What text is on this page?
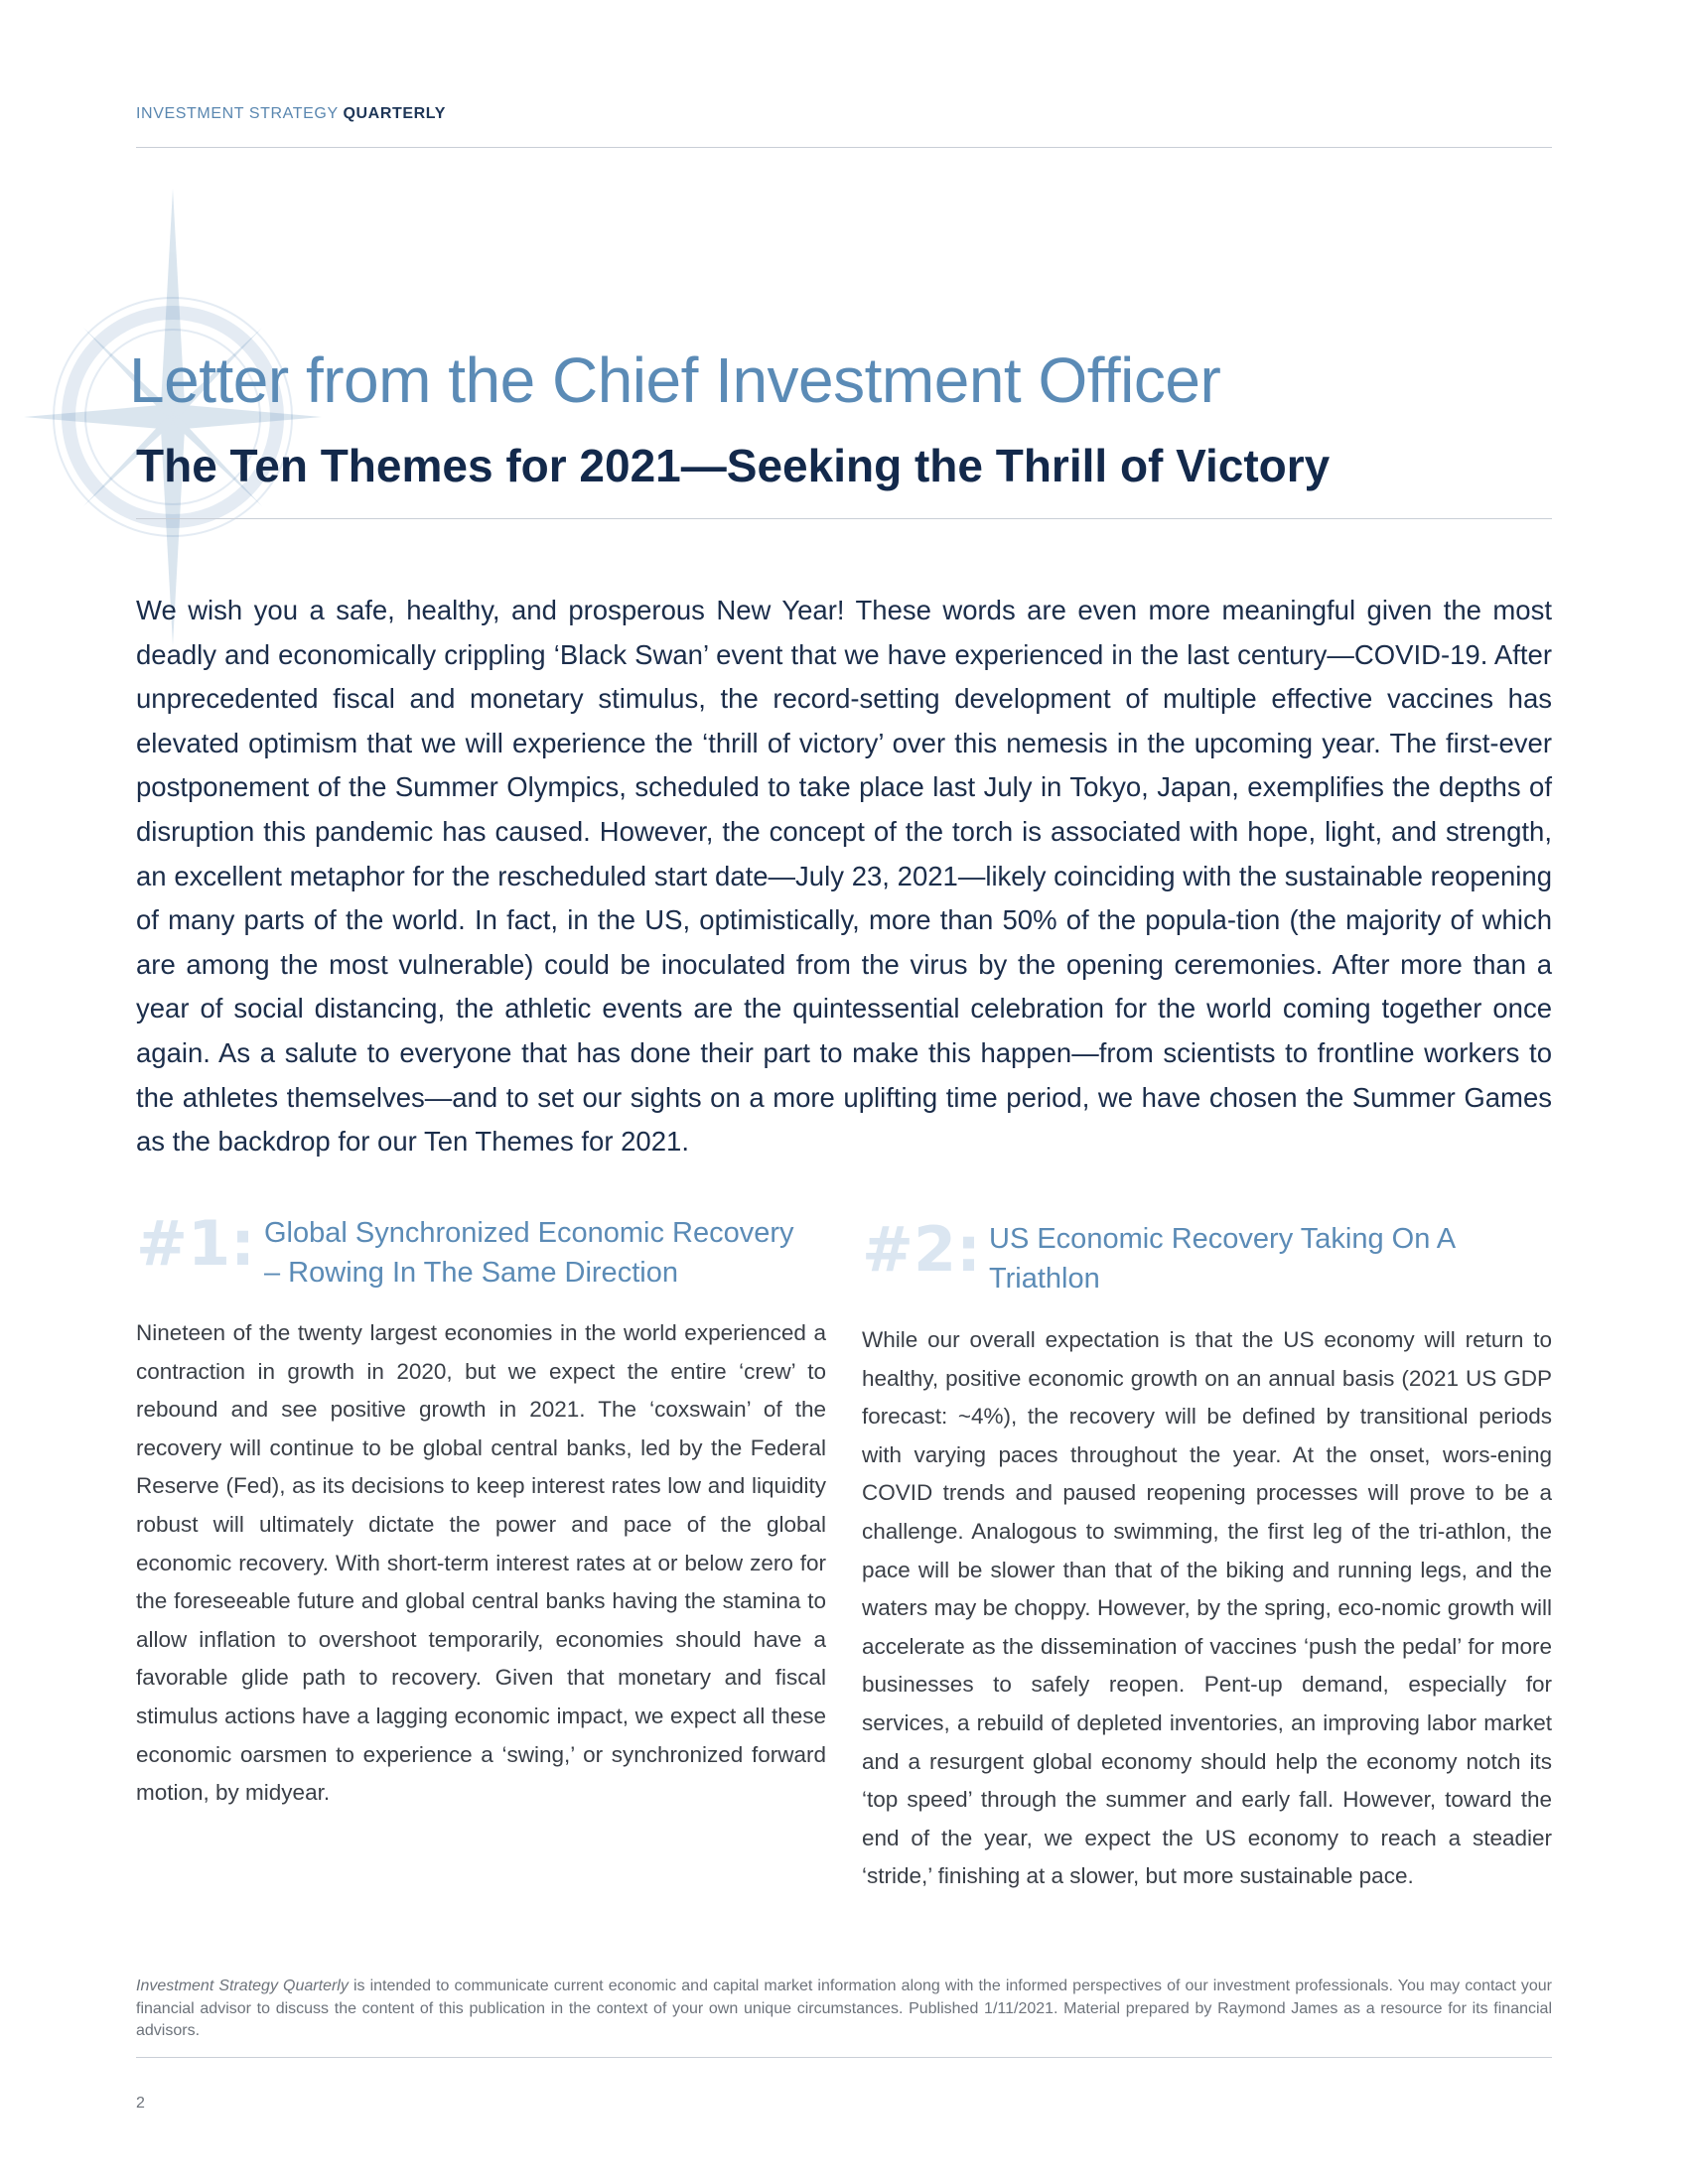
INVESTMENT STRATEGY QUARTERLY
Letter from the Chief Investment Officer
The Ten Themes for 2021—Seeking the Thrill of Victory

We wish you a safe, healthy, and prosperous New Year! These words are even more meaningful given the most deadly and economically crippling ‘Black Swan’ event that we have experienced in the last century—COVID-19. After unprecedented fiscal and monetary stimulus, the record-setting development of multiple effective vaccines has elevated optimism that we will experience the ‘thrill of victory’ over this nemesis in the upcoming year. The first-ever postponement of the Summer Olympics, scheduled to take place last July in Tokyo, Japan, exemplifies the depths of disruption this pandemic has caused. However, the concept of the torch is associated with hope, light, and strength, an excellent metaphor for the rescheduled start date—July 23, 2021—likely coinciding with the sustainable reopening of many parts of the world. In fact, in the US, optimistically, more than 50% of the popula-tion (the majority of which are among the most vulnerable) could be inoculated from the virus by the opening ceremonies. After more than a year of social distancing, the athletic events are the quintessential celebration for the world coming together once again. As a salute to everyone that has done their part to make this happen—from scientists to frontline workers to the athletes themselves—and to set our sights on a more uplifting time period, we have chosen the Summer Games as the backdrop for our Ten Themes for 2021.

#1: Global Synchronized Economic Recovery
– Rowing In The Same Direction

Nineteen of the twenty largest economies in the world experienced a contraction in growth in 2020, but we expect the entire ‘crew’ to rebound and see positive growth in 2021. The ‘coxswain’ of the recovery will continue to be global central banks, led by the Federal Reserve (Fed), as its decisions to keep interest rates low and liquidity robust will ultimately dictate the power and pace of the global economic recovery. With short-term interest rates at or below zero for the foreseeable future and global central banks having the stamina to allow inflation to overshoot temporarily, economies should have a favorable glide path to recovery. Given that monetary and fiscal stimulus actions have a lagging economic impact, we expect all these economic oarsmen to experience a ‘swing,’ or synchronized forward motion, by midyear.

#2: US Economic Recovery Taking On A
Triathlon

While our overall expectation is that the US economy will return to healthy, positive economic growth on an annual basis (2021 US GDP forecast: ~4%), the recovery will be defined by transitional periods with varying paces throughout the year. At the onset, wors-ening COVID trends and paused reopening processes will prove to be a challenge. Analogous to swimming, the first leg of the tri-athlon, the pace will be slower than that of the biking and running legs, and the waters may be choppy. However, by the spring, eco-nomic growth will accelerate as the dissemination of vaccines ‘push the pedal’ for more businesses to safely reopen. Pent-up demand, especially for services, a rebuild of depleted inventories, an improving labor market and a resurgent global economy should help the economy notch its ‘top speed’ through the summer and early fall. However, toward the end of the year, we expect the US economy to reach a steadier ‘stride,’ finishing at a slower, but more sustainable pace.

Investment Strategy Quarterly is intended to communicate current economic and capital market information along with the informed perspectives of our investment professionals. You may contact your financial advisor to discuss the content of this publication in the context of your own unique circumstances. Published 1/11/2021. Material prepared by Raymond James as a resource for its financial advisors.

2
